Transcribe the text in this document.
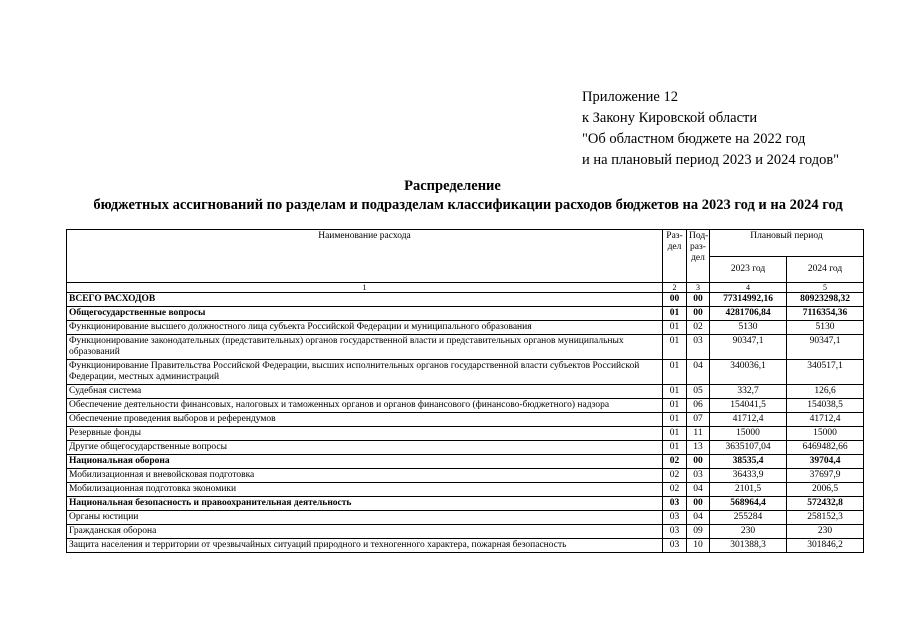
Приложение 12
к Закону Кировской области
"Об областном бюджете на 2022 год
и на плановый период 2023 и 2024 годов"
Распределение
бюджетных ассигнований по разделам и подразделам классификации расходов бюджетов на 2023 год и на 2024 год
Наименование расхода	Раз-дел	Под-раз-дел	Плановый период	
			2023 год	2024 год
1	2	3	4	5
ВСЕГО РАСХОДОВ	00	00	77314992,16	80923298,32
Общегосударственные вопросы	01	00	4281706,84	7116354,36
Функционирование высшего должностного лица субъекта Российской Федерации и муниципального образования	01	02	5130	5130
Функционирование законодательных (представительных) органов государственной власти и представительных органов муниципальных образований	01	03	90347,1	90347,1
Функционирование Правительства Российской Федерации, высших исполнительных органов государственной власти субъектов Российской Федерации, местных администраций	01	04	340036,1	340517,1
Судебная система	01	05	332,7	126,6
Обеспечение деятельности финансовых, налоговых и таможенных органов и органов финансового (финансово-бюджетного) надзора	01	06	154041,5	154038,5
Обеспечение проведения выборов и референдумов	01	07	41712,4	41712,4
Резервные фонды	01	11	15000	15000
Другие общегосударственные вопросы	01	13	3635107,04	6469482,66
Национальная оборона	02	00	38535,4	39704,4
Мобилизационная и вневойсковая подготовка	02	03	36433,9	37697,9
Мобилизационная подготовка экономики	02	04	2101,5	2006,5
Национальная безопасность и правоохранительная деятельность	03	00	568964,4	572432,8
Органы юстиции	03	04	255284	258152,3
Гражданская оборона	03	09	230	230
Защита населения и территории от чрезвычайных ситуаций природного и техногенного характера, пожарная безопасность	03	10	301388,3	301846,2
